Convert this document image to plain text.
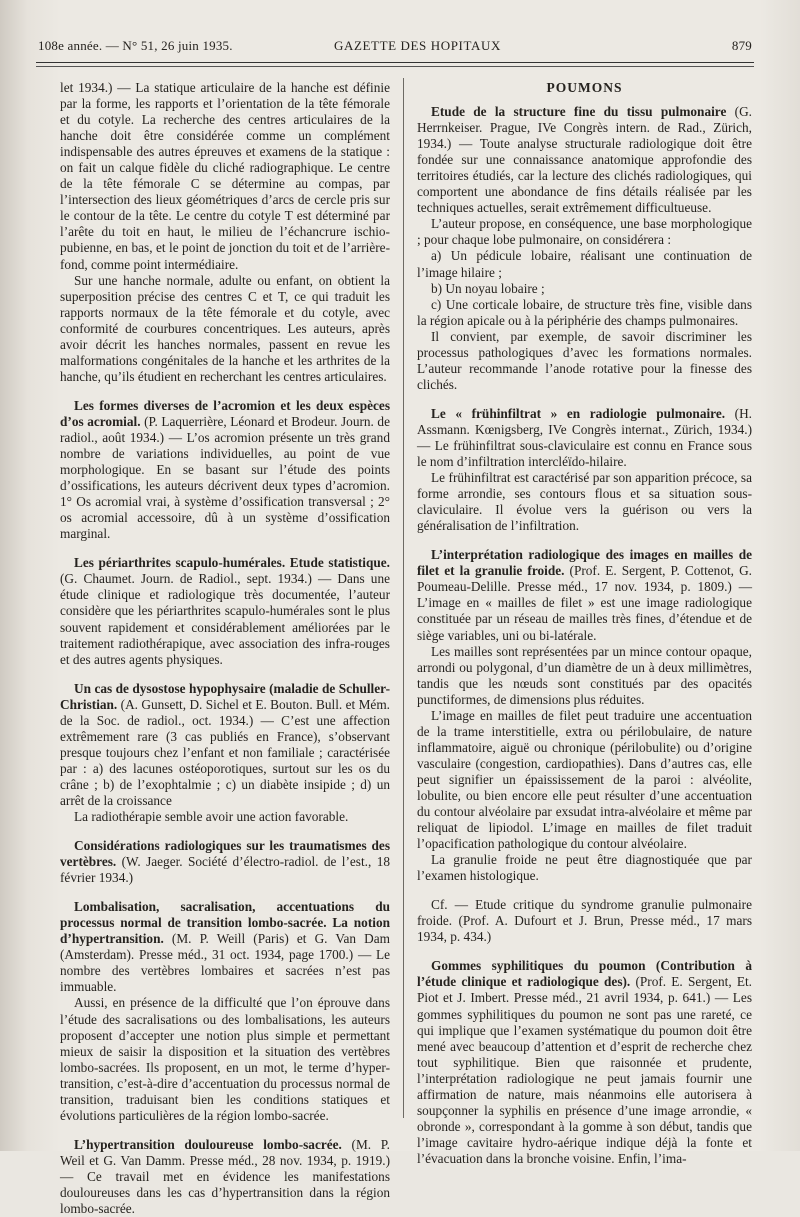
108e année. — N° 51, 26 juin 1935.	GAZETTE DES HOPITAUX	879

let 1934.) — La statique articulaire de la hanche est définie par la forme, les rapports et l’orientation de la tête fémorale et du cotyle. La recherche des centres articulaires de la hanche doit être considérée comme un complément indispensable des autres épreuves et examens de la statique : on fait un calque fidèle du cliché radiographique. Le centre de la tête fémorale C se détermine au compas, par l’intersection des lieux géométriques d’arcs de cercle pris sur le contour de la tête. Le centre du cotyle T est déterminé par l’arête du toit en haut, le milieu de l’échancrure ischio-pubienne, en bas, et le point de jonction du toit et de l’arrière-fond, comme point intermédiaire.

Sur une hanche normale, adulte ou enfant, on obtient la superposition précise des centres C et T, ce qui traduit les rapports normaux de la tête fémorale et du cotyle, avec conformité de courbures concentriques. Les auteurs, après avoir décrit les hanches normales, passent en revue les malformations congénitales de la hanche et les arthrites de la hanche, qu’ils étudient en recherchant les centres articulaires.

Les formes diverses de l’acromion et les deux espèces d’os acromial. (P. Laquerrière, Léonard et Brodeur. Journ. de radiol., août 1934.) — L’os acromion présente un très grand nombre de variations individuelles, au point de vue morphologique. En se basant sur l’étude des points d’ossifications, les auteurs décrivent deux types d’acromion. 1° Os acromial vrai, à système d’ossification transversal ; 2° os acromial accessoire, dû à un système d’ossification marginal.

Les périarthrites scapulo-humérales. Etude statistique. (G. Chaumet. Journ. de Radiol., sept. 1934.) — Dans une étude clinique et radiologique très documentée, l’auteur considère que les périarthrites scapulo-humérales sont le plus souvent rapidement et considérablement améliorées par le traitement radiothérapique, avec association des infra-rouges et des autres agents physiques.

Un cas de dysostose hypophysaire (maladie de Schuller-Christian. (A. Gunsett, D. Sichel et E. Bouton. Bull. et Mém. de la Soc. de radiol., oct. 1934.) — C’est une affection extrêmement rare (3 cas publiés en France), s’observant presque toujours chez l’enfant et non familiale ; caractérisée par : a) des lacunes ostéoporotiques, surtout sur les os du crâne ; b) de l’exophtalmie ; c) un diabète insipide ; d) un arrêt de la croissance

La radiothérapie semble avoir une action favorable.

Considérations radiologiques sur les traumatismes des vertèbres. (W. Jaeger. Société d’électro-radiol. de l’est., 18 février 1934.)

Lombalisation, sacralisation, accentuations du processus normal de transition lombo-sacrée. La notion d’hypertransition. (M. P. Weill (Paris) et G. Van Dam (Amsterdam). Presse méd., 31 oct. 1934, page 1700.) — Le nombre des vertèbres lombaires et sacrées n’est pas immuable.

Aussi, en présence de la difficulté que l’on éprouve dans l’étude des sacralisations ou des lombalisations, les auteurs proposent d’accepter une notion plus simple et permettant mieux de saisir la disposition et la situation des vertèbres lombo-sacrées. Ils proposent, en un mot, le terme d’hyper-transition, c’est-à-dire d’accentuation du processus normal de transition, traduisant bien les conditions statiques et évolutions particulières de la région lombo-sacrée.

L’hypertransition douloureuse lombo-sacrée. (M. P. Weil et G. Van Damm. Presse méd., 28 nov. 1934, p. 1919.) — Ce travail met en évidence les manifestations douloureuses dans les cas d’hypertransition dans la région lombo-sacrée.

POUMONS

Etude de la structure fine du tissu pulmonaire (G. Herrnkeiser. Prague, IVe Congrès intern. de Rad., Zürich, 1934.) — Toute analyse structurale radiologique doit être fondée sur une connaissance anatomique approfondie des territoires étudiés, car la lecture des clichés radiologiques, qui comportent une abondance de fins détails réalisée par les techniques actuelles, serait extrêmement difficultueuse.

L’auteur propose, en conséquence, une base morphologique ; pour chaque lobe pulmonaire, on considérera :

a) Un pédicule lobaire, réalisant une continuation de l’image hilaire ;

b) Un noyau lobaire ;

c) Une corticale lobaire, de structure très fine, visible dans la région apicale ou à la périphérie des champs pulmonaires.

Il convient, par exemple, de savoir discriminer les processus pathologiques d’avec les formations normales. L’auteur recommande l’anode rotative pour la finesse des clichés.

Le « frühinfiltrat » en radiologie pulmonaire. (H. Assmann. Kœnigsberg, IVe Congrès internat., Zürich, 1934.) — Le frühinfiltrat sous-claviculaire est connu en France sous le nom d’infiltration intercléïdo-hilaire.

Le frühinfiltrat est caractérisé par son apparition précoce, sa forme arrondie, ses contours flous et sa situation sous-claviculaire. Il évolue vers la guérison ou vers la généralisation de l’infiltration.

L’interprétation radiologique des images en mailles de filet et la granulie froide. (Prof. E. Sergent, P. Cottenot, G. Poumeau-Delille. Presse méd., 17 nov. 1934, p. 1809.) — L’image en « mailles de filet » est une image radiologique constituée par un réseau de mailles très fines, d’étendue et de siège variables, uni ou bi-latérale.

Les mailles sont représentées par un mince contour opaque, arrondi ou polygonal, d’un diamètre de un à deux millimètres, tandis que les nœuds sont constitués par des opacités punctiformes, de dimensions plus réduites.

L’image en mailles de filet peut traduire une accentuation de la trame interstitielle, extra ou périlobulaire, de nature inflammatoire, aiguë ou chronique (périlobulite) ou d’origine vasculaire (congestion, cardiopathies). Dans d’autres cas, elle peut signifier un épaississement de la paroi : alvéolite, lobulite, ou bien encore elle peut résulter d’une accentuation du contour alvéolaire par exsudat intra-alvéolaire et même par reliquat de lipiodol. L’image en mailles de filet traduit l’opacification pathologique du contour alvéolaire.

La granulie froide ne peut être diagnostiquée que par l’examen histologique.

Cf. — Etude critique du syndrome granulie pulmonaire froide. (Prof. A. Dufourt et J. Brun, Presse méd., 17 mars 1934, p. 434.)

Gommes syphilitiques du poumon (Contribution à l’étude clinique et radiologique des). (Prof. E. Sergent, Et. Piot et J. Imbert. Presse méd., 21 avril 1934, p. 641.) — Les gommes syphilitiques du poumon ne sont pas une rareté, ce qui implique que l’examen systématique du poumon doit être mené avec beaucoup d’attention et d’esprit de recherche chez tout syphilitique. Bien que raisonnée et prudente, l’interprétation radiologique ne peut jamais fournir une affirmation de nature, mais néanmoins elle autorisera à soupçonner la syphilis en présence d’une image arrondie, « obronde », correspondant à la gomme à son début, tandis que l’image cavitaire hydro-aérique indique déjà la fonte et l’évacuation dans la bronche voisine. Enfin, l’ima-
